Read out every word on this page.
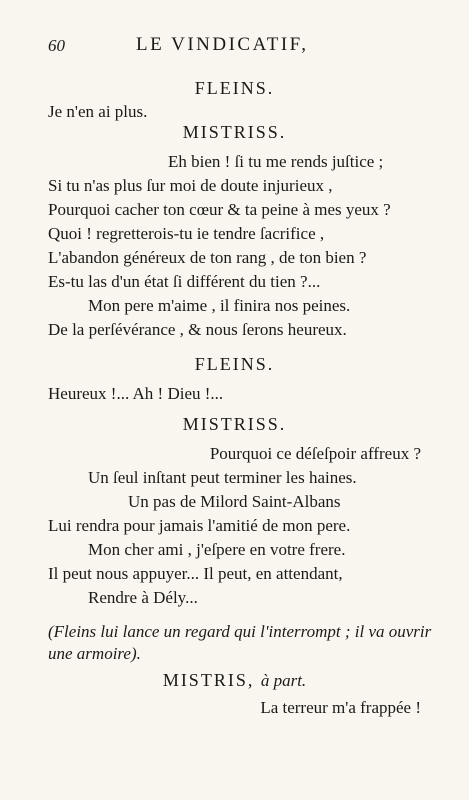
60	LE VINDICATIF,
FLEINS.
Je n'en ai plus.
MISTRISS.
Eh bien ! ſi tu me rends juſtice ;
Si tu n'as plus ſur moi de doute injurieux ,
Pourquoi cacher ton cœur & ta peine à mes yeux ?
Quoi ! regretterois-tu ie tendre ſacrifice ,
L'abandon généreux de ton rang , de ton bien ?
Es-tu las d'un état ſi différent du tien ?...
Mon pere m'aime , il finira nos peines.
De la perſévérance , & nous ſerons heureux.
FLEINS.
Heureux !... Ah ! Dieu !...
MISTRISS.
Pourquoi ce déſeſpoir affreux ?
Un ſeul inſtant peut terminer les haines.
Un pas de Milord Saint-Albans
Lui rendra pour jamais l'amitié de mon pere.
Mon cher ami , j'eſpere en votre frere.
Il peut nous appuyer... Il peut, en attendant,
Rendre à Dély...
(Fleins lui lance un regard qui l'interrompt ; il va ouvrir
une armoire).
MISTRIS, à part.
La terreur m'a frappée !
